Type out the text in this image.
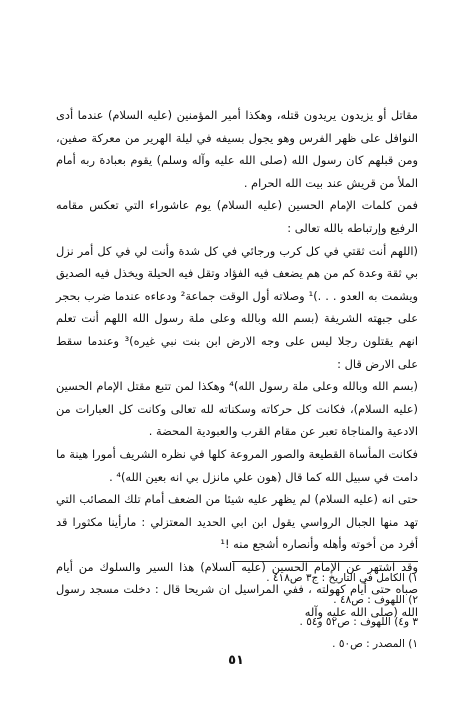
مقاتل أو يزيدون يريدون قتله، وهكذا أمير المؤمنين (عليه السلام) عندما أدى النوافل على ظهر الفرس وهو يجول بسيفه في ليلة الهرير من معركة صفين، ومن قبلهم كان رسول الله (صلى الله عليه وآله وسلم) يقوم بعبادة ربه أمام الملأ من قريش عند بيت الله الحرام .

فمن كلمات الإمام الحسين (عليه السلام) يوم عاشوراء التي تعكس مقامه الرفيع وإرتباطه بالله تعالى :

(اللهم أنت ثقتي في كل كرب ورجائي في كل شدة وأنت لي في كل أمر نزل بي ثقة وعدة كم من هم يضعف فيه الفؤاد وتقل فيه الحيلة ويخذل فيه الصديق ويشمت به العدو . . .)¹ وصلاته أول الوقت جماعة² ودعاءه عندما ضرب بحجر على جبهته الشريفة (بسم الله وبالله وعلى ملة رسول الله اللهم أنت تعلم انهم يقتلون رجلا ليس على وجه الارض ابن بنت نبي غيره)³ وعندما سقط على الارض قال :

(بسم الله وبالله وعلى ملة رسول الله)⁴ وهكذا لمن تتبع مقتل الإمام الحسين (عليه السلام)، فكانت كل حركاته وسكناته لله تعالى وكانت كل العبارات من الادعية والمناجاة تعبر عن مقام القرب والعبودية المحضة .

فكانت المأساة القطيعة والصور المروعة كلها في نظره الشريف أمورا هينة ما دامت في سبيل الله كما قال (هون علي مانزل بي انه بعين الله)⁴ .

حتى انه (عليه السلام) لم يظهر عليه شيئا من الضعف أمام تلك المصائب التي تهد منها الجبال الرواسي يقول ابن ابي الحديد المعتزلي : مارأينا مكثورا قد أفرد من أخوته وأهله وأنصاره أشجع منه !¹

وقد اشتهر عن الإمام الحسين (عليه السلام) هذا السير والسلوك من أيام صباه حتى أيام كهولته ، ففي المراسيل ان شريحا قال : دخلت مسجد رسول الله (صلى الله عليه وآله

١) الكامل في التاريخ : ج٣ ص٤١٨ .
٢) اللهوف : ص٤٨ .
٣ و٤) اللهوف : ص٥٢ و٥٤ .
١) المصدر : ص٥٠ .
٥١
